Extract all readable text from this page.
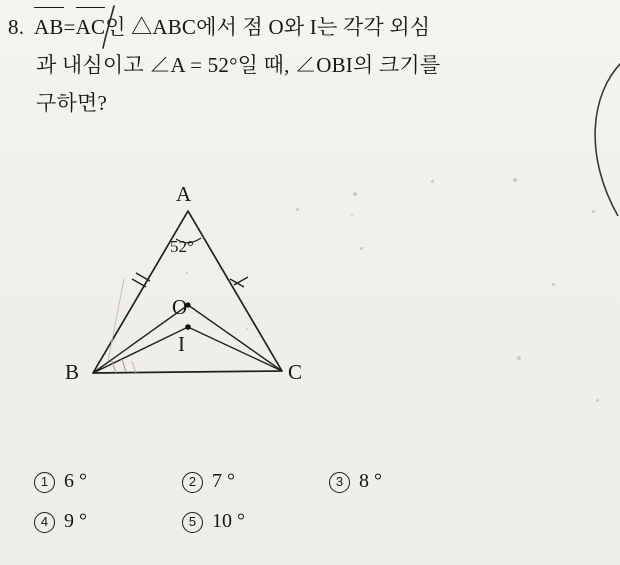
8. AB=AC인 △ABC에서 점 O와 I는 각각 외심
과 내심이고 ∠A = 52°일 때, ∠OBI의 크기를
구하면?
A
B	C
O
I
52°
1 6 °	2 7 °	3 8 °
4 9 °	5 10 °
